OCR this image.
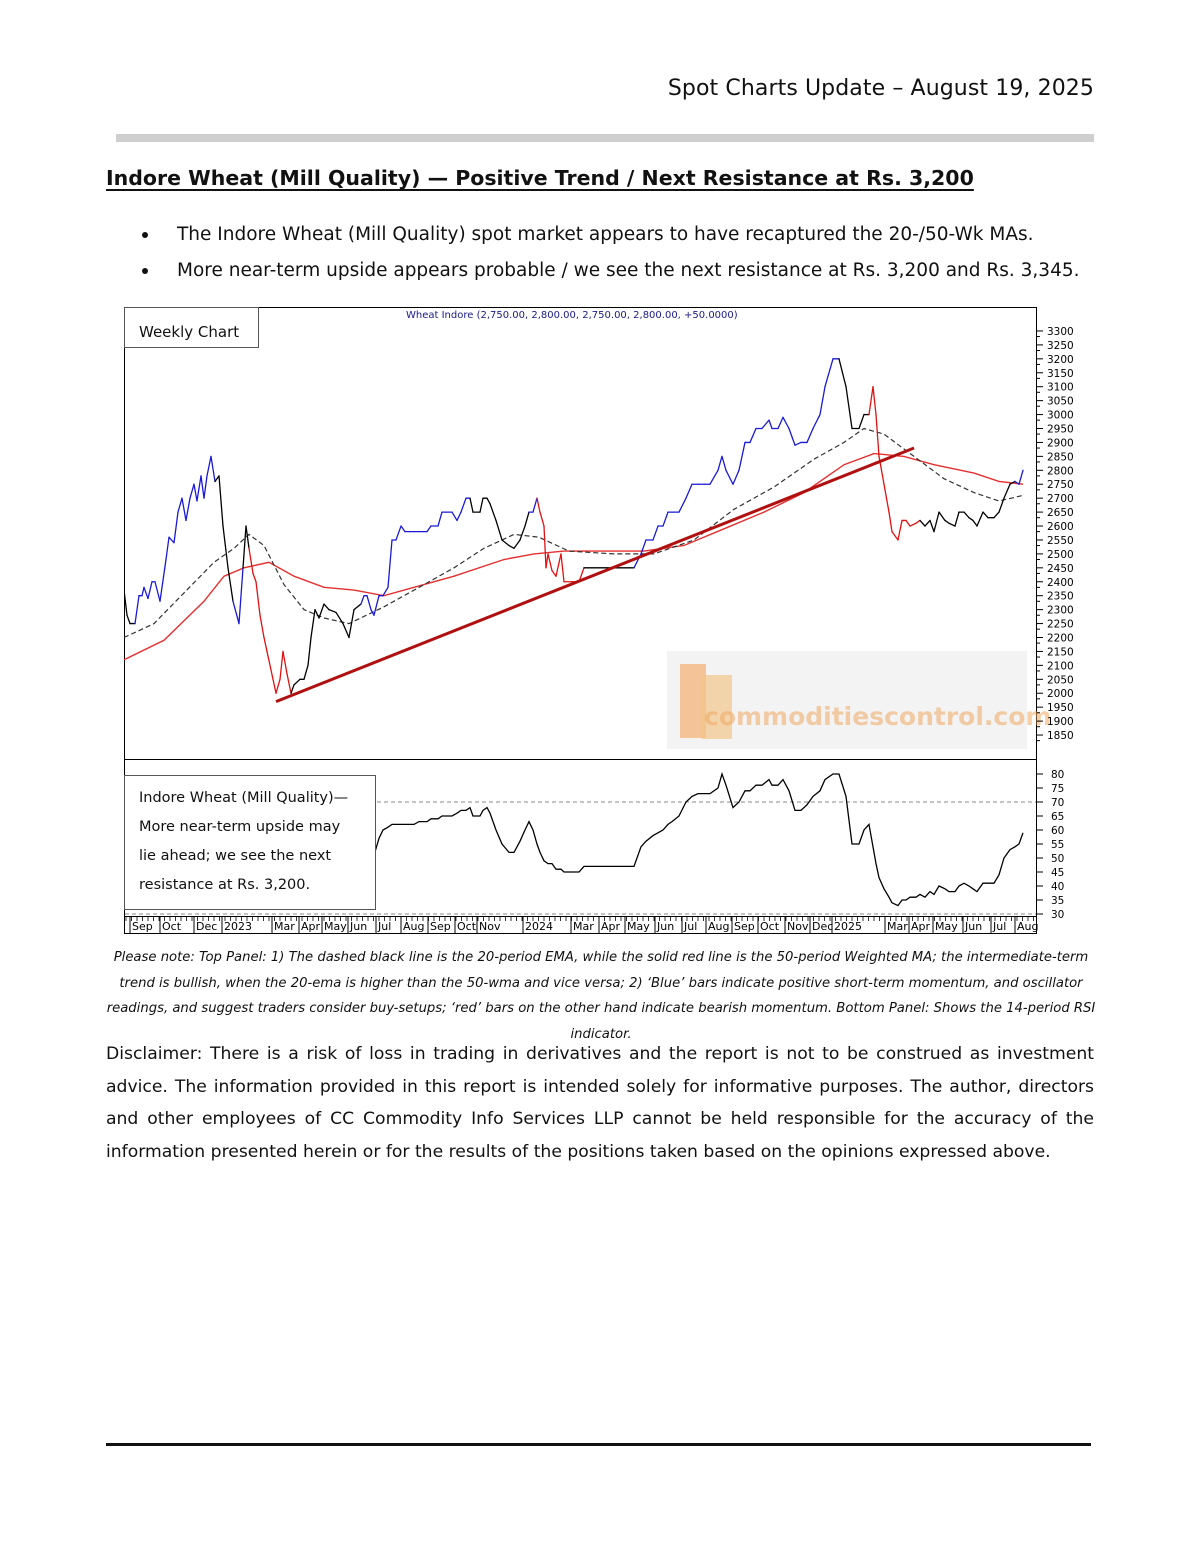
Spot Charts Update – August 19, 2025
Indore Wheat (Mill Quality) — Positive Trend / Next Resistance at Rs. 3,200
The Indore Wheat (Mill Quality) spot market appears to have recaptured the 20-/50-Wk MAs.
More near-term upside appears probable / we see the next resistance at Rs. 3,200 and Rs. 3,345.
commoditiescontrol.com
Wheat Indore (2,750.00, 2,800.00, 2,750.00, 2,800.00, +50.0000)
Weekly Chart	3300
3250
3200
3150
3100
3050
3000
2950
2900
2850
2800
2750
2700
2650
2600
2550
2500
2450
2400
2350
2300
2250
2200
2150
2100
2050
2000
1950
1900
1850
80
75
70
65
60
55
50
45
40
35
30
Sep Oct Dec 2023 Mar Apr May Jun Jul Aug Sep Oct Nov 2024 Mar Apr May Jun Jul Aug Sep Oct Nov Dec 2025 Mar Apr May Jun Jul Aug
Indore Wheat (Mill Quality)—
More near-term upside may
lie ahead; we see the next
resistance at Rs. 3,200.
Please note: Top Panel: 1) The dashed black line is the 20-period EMA, while the solid red line is the 50-period Weighted MA; the intermediate-term trend is bullish, when the 20-ema is higher than the 50-wma and vice versa; 2) ‘Blue’ bars indicate positive short-term momentum, and oscillator readings, and suggest traders consider buy-setups; ‘red’ bars on the other hand indicate bearish momentum. Bottom Panel: Shows the 14-period RSI indicator.
Disclaimer: There is a risk of loss in trading in derivatives and the report is not to be construed as investment advice. The information provided in this report is intended solely for informative purposes. The author, directors and other employees of CC Commodity Info Services LLP cannot be held responsible for the accuracy of the information presented herein or for the results of the positions taken based on the opinions expressed above.
